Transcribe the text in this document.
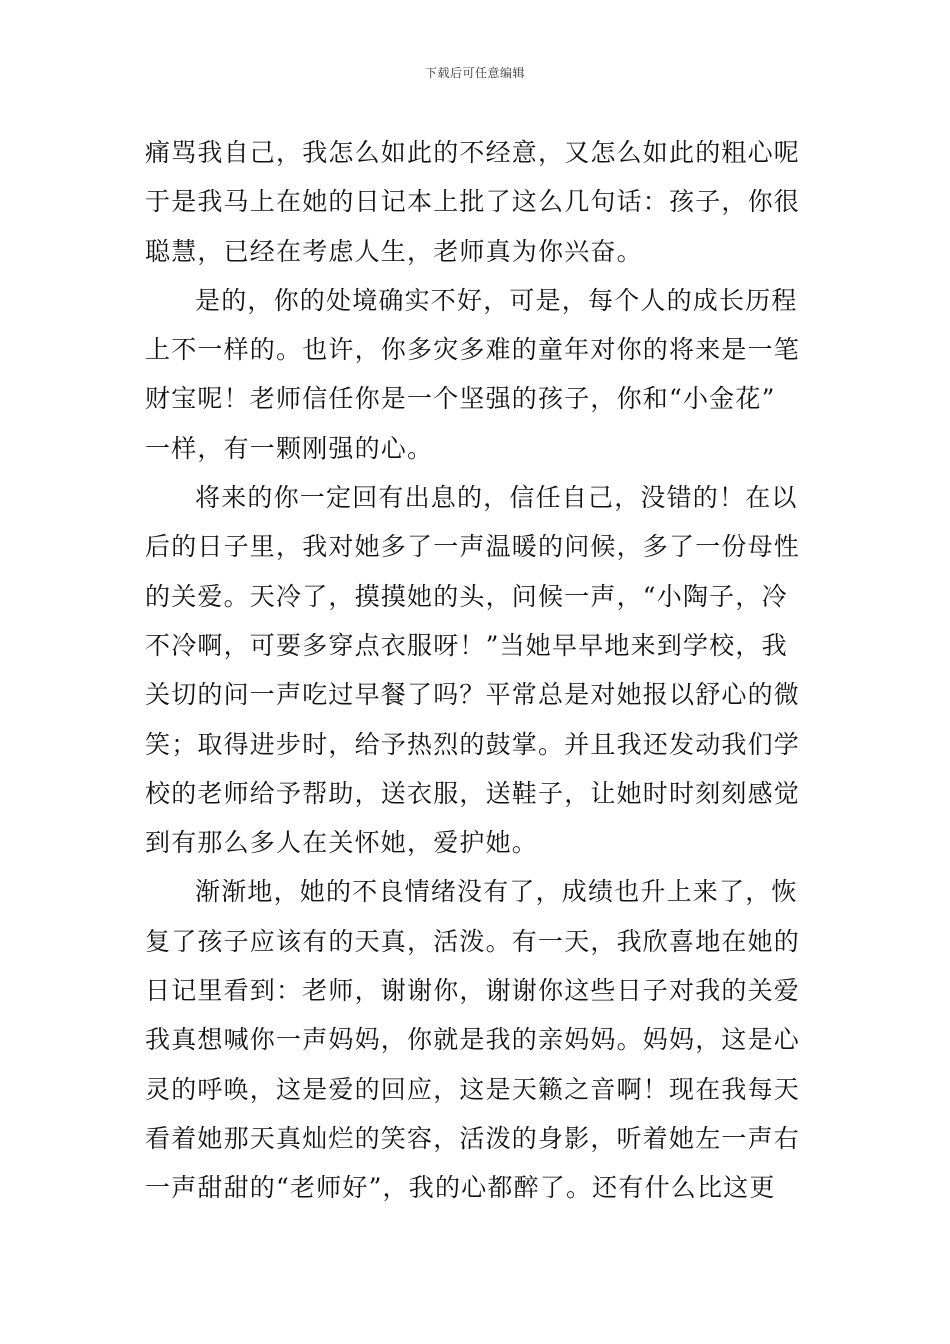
下载后可任意编辑
痛骂我自己，我怎么如此的不经意，又怎么如此的粗心呢
于是我马上在她的日记本上批了这么几句话：孩子，你很
聪慧，已经在考虑人生，老师真为你兴奋。
是的，你的处境确实不好，可是，每个人的成长历程
上不一样的。也许，你多灾多难的童年对你的将来是一笔
财宝呢！老师信任你是一个坚强的孩子，你和“小金花”
一样，有一颗刚强的心。
将来的你一定回有出息的，信任自己，没错的！在以
后的日子里，我对她多了一声温暖的问候，多了一份母性
的关爱。天冷了，摸摸她的头，问候一声，“小陶子，冷
不冷啊，可要多穿点衣服呀！”当她早早地来到学校，我
关切的问一声吃过早餐了吗？平常总是对她报以舒心的微
笑；取得进步时，给予热烈的鼓掌。并且我还发动我们学
校的老师给予帮助，送衣服，送鞋子，让她时时刻刻感觉
到有那么多人在关怀她，爱护她。
渐渐地，她的不良情绪没有了，成绩也升上来了，恢
复了孩子应该有的天真，活泼。有一天，我欣喜地在她的
日记里看到：老师，谢谢你，谢谢你这些日子对我的关爱
我真想喊你一声妈妈，你就是我的亲妈妈。妈妈，这是心
灵的呼唤，这是爱的回应，这是天籁之音啊！现在我每天
看着她那天真灿烂的笑容，活泼的身影，听着她左一声右
一声甜甜的“老师好”，我的心都醉了。还有什么比这更
